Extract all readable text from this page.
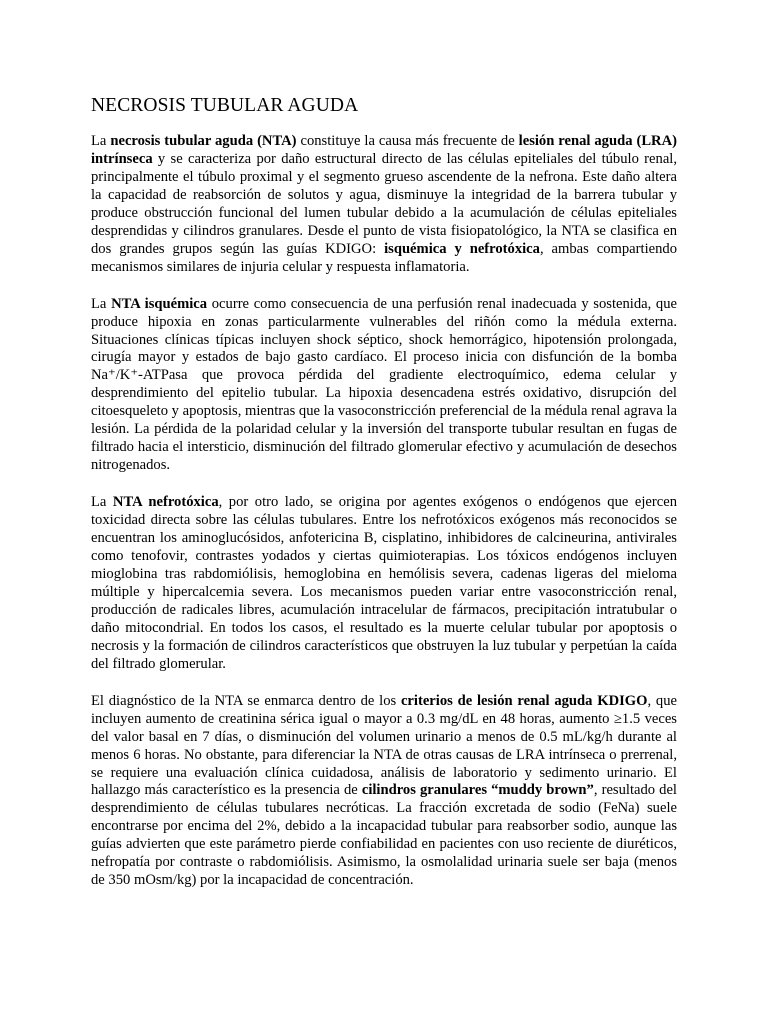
NECROSIS TUBULAR AGUDA

La necrosis tubular aguda (NTA) constituye la causa más frecuente de lesión renal aguda (LRA) intrínseca y se caracteriza por daño estructural directo de las células epiteliales del túbulo renal, principalmente el túbulo proximal y el segmento grueso ascendente de la nefrona. Este daño altera la capacidad de reabsorción de solutos y agua, disminuye la integridad de la barrera tubular y produce obstrucción funcional del lumen tubular debido a la acumulación de células epiteliales desprendidas y cilindros granulares. Desde el punto de vista fisiopatológico, la NTA se clasifica en dos grandes grupos según las guías KDIGO: isquémica y nefrotóxica, ambas compartiendo mecanismos similares de injuria celular y respuesta inflamatoria.

La NTA isquémica ocurre como consecuencia de una perfusión renal inadecuada y sostenida, que produce hipoxia en zonas particularmente vulnerables del riñón como la médula externa. Situaciones clínicas típicas incluyen shock séptico, shock hemorrágico, hipotensión prolongada, cirugía mayor y estados de bajo gasto cardíaco. El proceso inicia con disfunción de la bomba Na⁺/K⁺-ATPasa que provoca pérdida del gradiente electroquímico, edema celular y desprendimiento del epitelio tubular. La hipoxia desencadena estrés oxidativo, disrupción del citoesqueleto y apoptosis, mientras que la vasoconstricción preferencial de la médula renal agrava la lesión. La pérdida de la polaridad celular y la inversión del transporte tubular resultan en fugas de filtrado hacia el intersticio, disminución del filtrado glomerular efectivo y acumulación de desechos nitrogenados.

La NTA nefrotóxica, por otro lado, se origina por agentes exógenos o endógenos que ejercen toxicidad directa sobre las células tubulares. Entre los nefrotóxicos exógenos más reconocidos se encuentran los aminoglucósidos, anfotericina B, cisplatino, inhibidores de calcineurina, antivirales como tenofovir, contrastes yodados y ciertas quimioterapias. Los tóxicos endógenos incluyen mioglobina tras rabdomiólisis, hemoglobina en hemólisis severa, cadenas ligeras del mieloma múltiple y hipercalcemia severa. Los mecanismos pueden variar entre vasoconstricción renal, producción de radicales libres, acumulación intracelular de fármacos, precipitación intratubular o daño mitocondrial. En todos los casos, el resultado es la muerte celular tubular por apoptosis o necrosis y la formación de cilindros característicos que obstruyen la luz tubular y perpetúan la caída del filtrado glomerular.

El diagnóstico de la NTA se enmarca dentro de los criterios de lesión renal aguda KDIGO, que incluyen aumento de creatinina sérica igual o mayor a 0.3 mg/dL en 48 horas, aumento ≥1.5 veces del valor basal en 7 días, o disminución del volumen urinario a menos de 0.5 mL/kg/h durante al menos 6 horas. No obstante, para diferenciar la NTA de otras causas de LRA intrínseca o prerrenal, se requiere una evaluación clínica cuidadosa, análisis de laboratorio y sedimento urinario. El hallazgo más característico es la presencia de cilindros granulares “muddy brown”, resultado del desprendimiento de células tubulares necróticas. La fracción excretada de sodio (FeNa) suele encontrarse por encima del 2%, debido a la incapacidad tubular para reabsorber sodio, aunque las guías advierten que este parámetro pierde confiabilidad en pacientes con uso reciente de diuréticos, nefropatía por contraste o rabdomiólisis. Asimismo, la osmolalidad urinaria suele ser baja (menos de 350 mOsm/kg) por la incapacidad de concentración.
